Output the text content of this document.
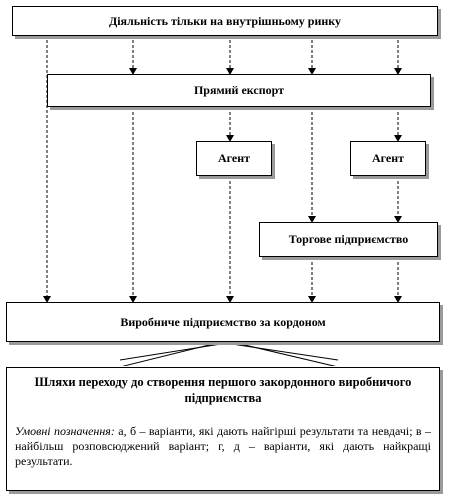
Діяльність тільки на внутрішньому ринку
Прямий експорт
Агент	Агент
Торгове підприємство
Виробниче підприємство за кордоном
Шляхи переходу до створення першого закордонного виробничого підприємства
Умовні позначення: а, б – варіанти, які дають найгірші результати та невдачі; в – найбільш розповсюджений варіант; г, д – варіанти, які дають найкращі результати.
